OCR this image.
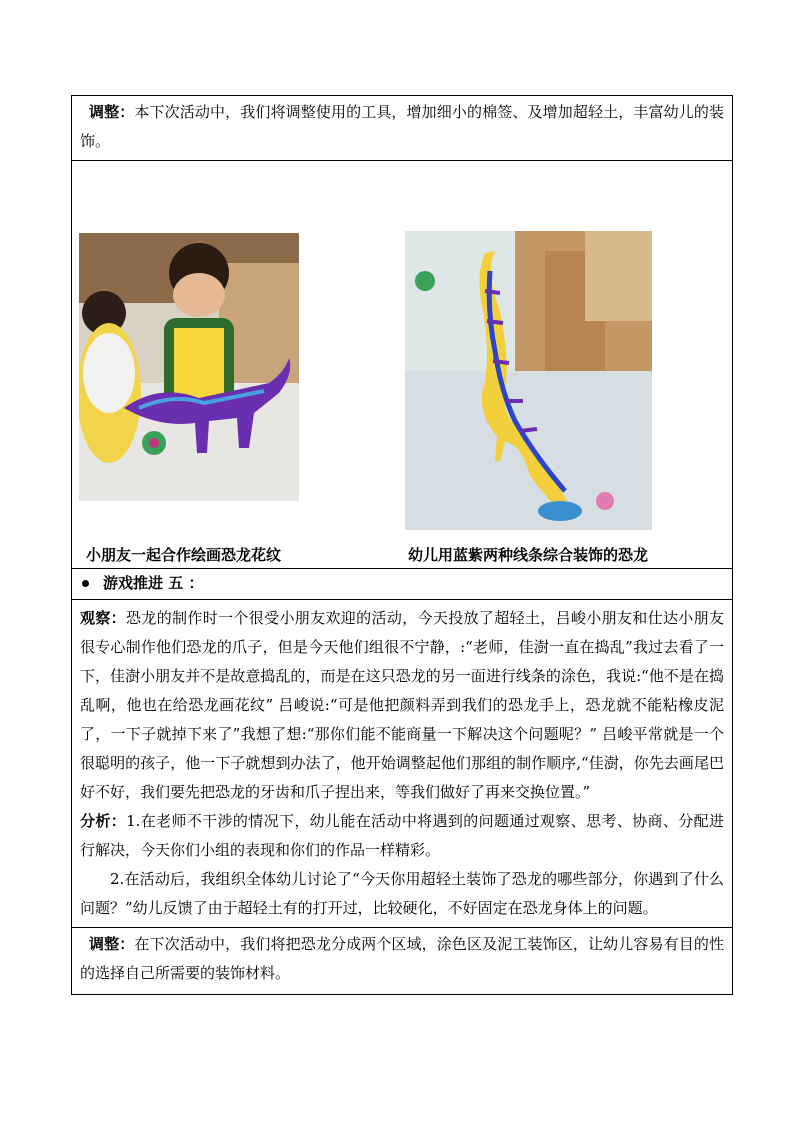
调整：本下次活动中，我们将调整使用的工具，增加细小的棉签、及增加超轻土，丰富幼儿的装饰。
小朋友一起合作绘画恐龙花纹	幼儿用蓝紫两种线条综合装饰的恐龙
游戏推进 五 ：
观察：恐龙的制作时一个很受小朋友欢迎的活动，今天投放了超轻土，吕峻小朋友和仕达小朋友很专心制作他们恐龙的爪子，但是今天他们组很不宁静，:“老师，佳澍一直在捣乱”我过去看了一下，佳澍小朋友并不是故意捣乱的，而是在这只恐龙的另一面进行线条的涂色，我说:“他不是在捣乱啊，他也在给恐龙画花纹” 吕峻说:“可是他把颜料弄到我们的恐龙手上，恐龙就不能粘橡皮泥了，一下子就掉下来了”我想了想:“那你们能不能商量一下解决这个问题呢？” 吕峻平常就是一个很聪明的孩子，他一下子就想到办法了，他开始调整起他们那组的制作顺序,“佳澍，你先去画尾巴好不好，我们要先把恐龙的牙齿和爪子捏出来，等我们做好了再来交换位置。”
分析：1.在老师不干涉的情况下，幼儿能在活动中将遇到的问题通过观察、思考、协商、分配进行解决，今天你们小组的表现和你们的作品一样精彩。
2.在活动后，我组织全体幼儿讨论了“今天你用超轻土装饰了恐龙的哪些部分，你遇到了什么问题？”幼儿反馈了由于超轻土有的打开过，比较硬化，不好固定在恐龙身体上的问题。
调整：在下次活动中，我们将把恐龙分成两个区域，涂色区及泥工装饰区，让幼儿容易有目的性的选择自己所需要的装饰材料。
